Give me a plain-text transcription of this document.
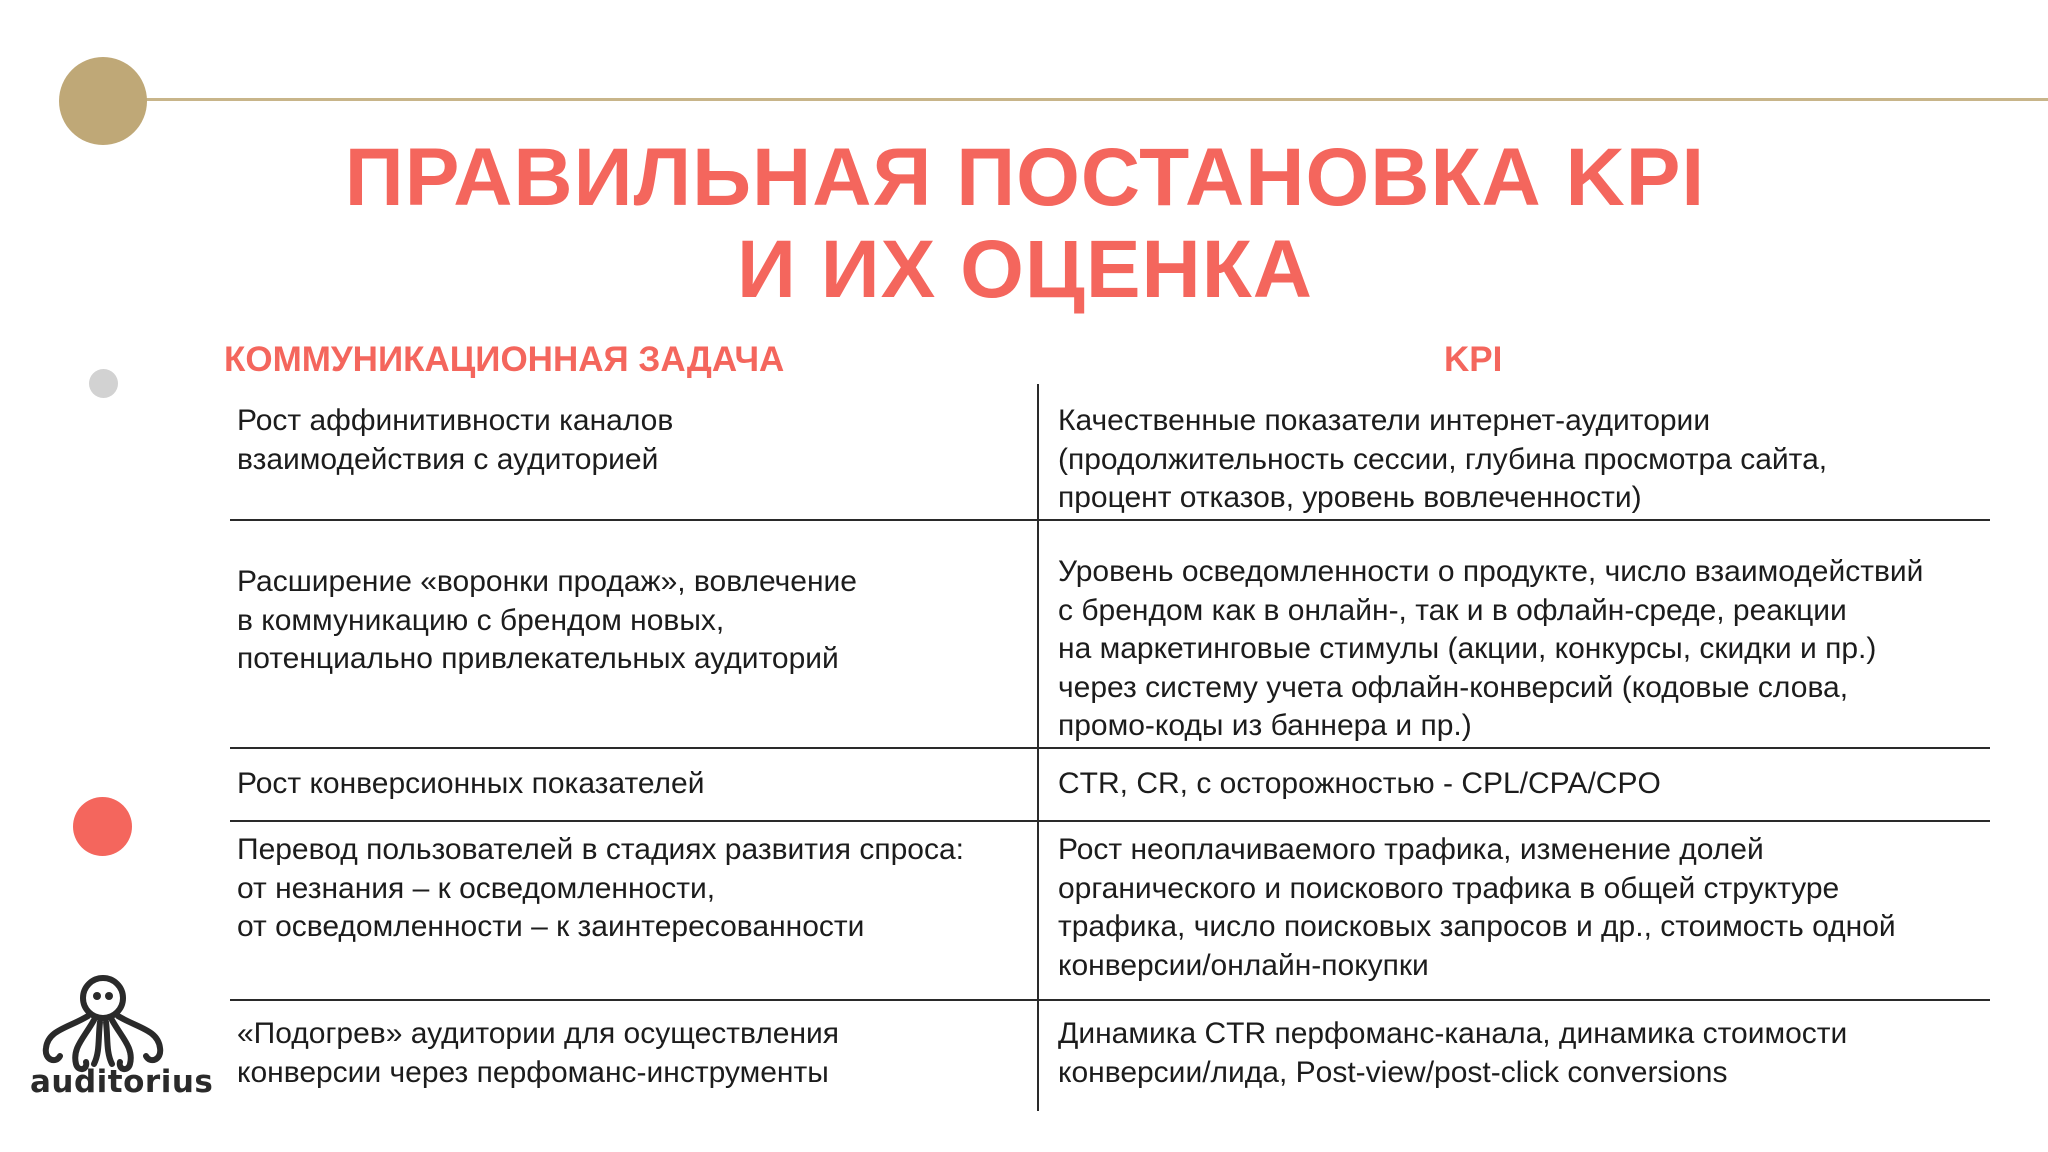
ПРАВИЛЬНАЯ ПОСТАНОВКА KPI
И ИХ ОЦЕНКА
КОММУНИКАЦИОННАЯ ЗАДАЧА	KPI
Рост аффинитивности каналов
взаимодействия с аудиторией
Качественные показатели интернет-аудитории
(продолжительность сессии, глубина просмотра сайта,
процент отказов, уровень вовлеченности)
Расширение «воронки продаж», вовлечение
в коммуникацию с брендом новых,
потенциально привлекательных аудиторий
Уровень осведомленности о продукте, число взаимодействий
с брендом как в онлайн-, так и в офлайн-среде, реакции
на маркетинговые стимулы (акции, конкурсы, скидки и пр.)
через систему учета офлайн-конверсий (кодовые слова,
промо-коды из баннера и пр.)
Рост конверсионных показателей	CTR, CR, с осторожностью - CPL/CPA/CPO
Перевод пользователей в стадиях развития спроса:
от незнания – к осведомленности,
от осведомленности – к заинтересованности
Рост неоплачиваемого трафика, изменение долей
органического и поискового трафика в общей структуре
трафика, число поисковых запросов и др., стоимость одной
конверсии/онлайн-покупки
«Подогрев» аудитории для осуществления
конверсии через перфоманс-инструменты
Динамика CTR перфоманс-канала, динамика стоимости
конверсии/лида, Post-view/post-click conversions
auditorius
